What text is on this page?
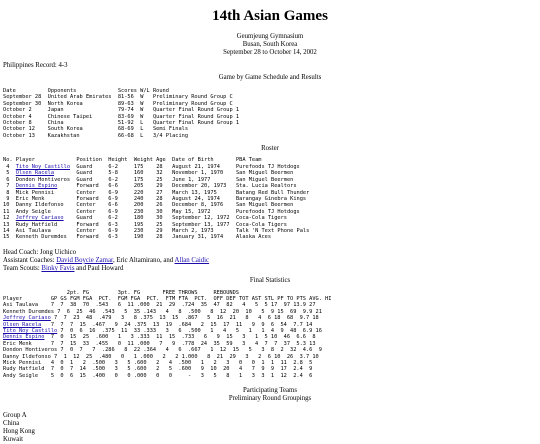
14th Asian Games
Geumjeung Gymnasium
Busan, South Korea
September 28 to October 14, 2002
Philippines Record: 4-3
Game by Game Schedule and Results
Date	Opponents	Scores W/L Round
September 28 United Arab Emirates 81-56 W Preliminary Round Group C
September 30 North Korea	89-63 W Preliminary Round Group C
October 2	Japan	79-74 W Quarter Final Round Group 1
October 4	Chinese Taipei	83-69 W Quarter Final Round Group 1
October 8	China	51-92 L Quarter Final Round Group 1
October 12 South Korea	68-69 L Semi Finals
October 13 Kazakhstan	66-68 L 3/4 Placing
Roster
No. Player	Position Height Weight Age Date of Birth	PBA Team
4 Tito Noy Castillo Guard	6-2	175 28 August 21, 1974	Purefoods TJ Hotdogs
5 Olsen Racela	Guard	5-8	160 32 November 1, 1970 San Miguel Beermen
6 Dondon Hontiveros Guard	6-2	175 25 June 1, 1977	San Miguel Beermen
7 Dennis Espino	Forward 6-6	205 29 December 20, 1973 Sta. Lucia Realtors
8 Mick Pennisi	Center 6-9	220 27 March 13, 1975	Batang Red Bull Thunder
9 Eric Menk	Forward 6-9	240 28 August 24, 1974	Barangay Ginebra Kings
10 Danny Ildefonso Center 6-6	200 26 December 8, 1976 San Miguel Beermen
11 Andy Seigle	Center 6-9	230 30 May 15, 1972	Purefoods TJ Hotdogs
12 Jeffrey Cariaso Guard	6-2	180 30 September 12, 1972 Coca-Cola Tigers
13 Rudy Hatfield	Forward 6-3	195 25 September 13, 1977 Coca-Cola Tigers
14 Asi Taulava	Center 6-9	230 29 March 2, 1973	Talk 'N Text Phone Pals
15 Kenneth Duremdes Forward 6-3	190 28 January 31, 1974 Alaska Aces
Head Coach: Jong Uichico
Assistant Coaches: David Boycie Zamar, Eric Altamirano, and Allan Caidic
Team Scouts: Binky Favis and Paul Howard
Final Statistics
2pt. FG         3pt. FG       FREE THROWS     REBOUNDS
Player         GP GS FGM FGA  PCT.  FGM FGA  PCT.  FTM FTA  PCT.  OFF DEF TOT AST STL PF TO PTS AVG. HI
Asi Taulava 7  7  38  70  .543   6  11 .000  21  29  .724  35  47  82   4   5  5 17  97 13.9 27
Kenneth Duremdes 7  6  25  46  .543   5  35 .143   4   8  .500   8  12  20  10   5  9 15  69  9.9 21
Jeffrey Cariaso 7  7  23  48  .479   3   8 .375  13  15  .867   5  16  21   8   4  6 18  68  9.7 18
Olsen Racela 7  7  7  15  .467   9  24 .375  13  19  .684   2  15  17  11   9  9  6  54  7.7 14
Tito Noy Castillo 7  0  6  16  .375  11  33 .333   3   6  .500   1   4   5   1   1  4  9  48  6.9 16
Dennis Espino 7  0  15  25  .600   1   3 .333  11  15  .733   6   9  15   3   1  5 10  46  6.6  8
Eric Menk	7  7  15  33  .455   0  11 .000   7   9  .778  24  35  59   3   4  7  7  37  5.3 13
Dondon Hontiveros 7  0  7   7  .286   8  22 .364   4   6  .667   1  12  15   5   3  8  2  32  4.6  9
Danny Ildefonso 7  1  12  25  .480   0   1 .000   2   2 1.000   8  21  29   3   2  6 10  26  3.7 10
Mick Pennisi 4  0  1   2  .500   3   5 .600   2   4  .500   1   2   3   0   0  1  1  11  2.8  5
Rudy Hatfield 7  0  7  14  .500   3   5 .600   2   5  .600   9  10  20   4   7  9  9  17  2.4  9
Andy Seigle 5  0  6  15  .400   0   0 .000   0   0     -   3   5   8   1   3  3  1  12  2.4  6
Participating Teams
Preliminary Round Groupings
Group A
China
Hong Kong
Kuwait
